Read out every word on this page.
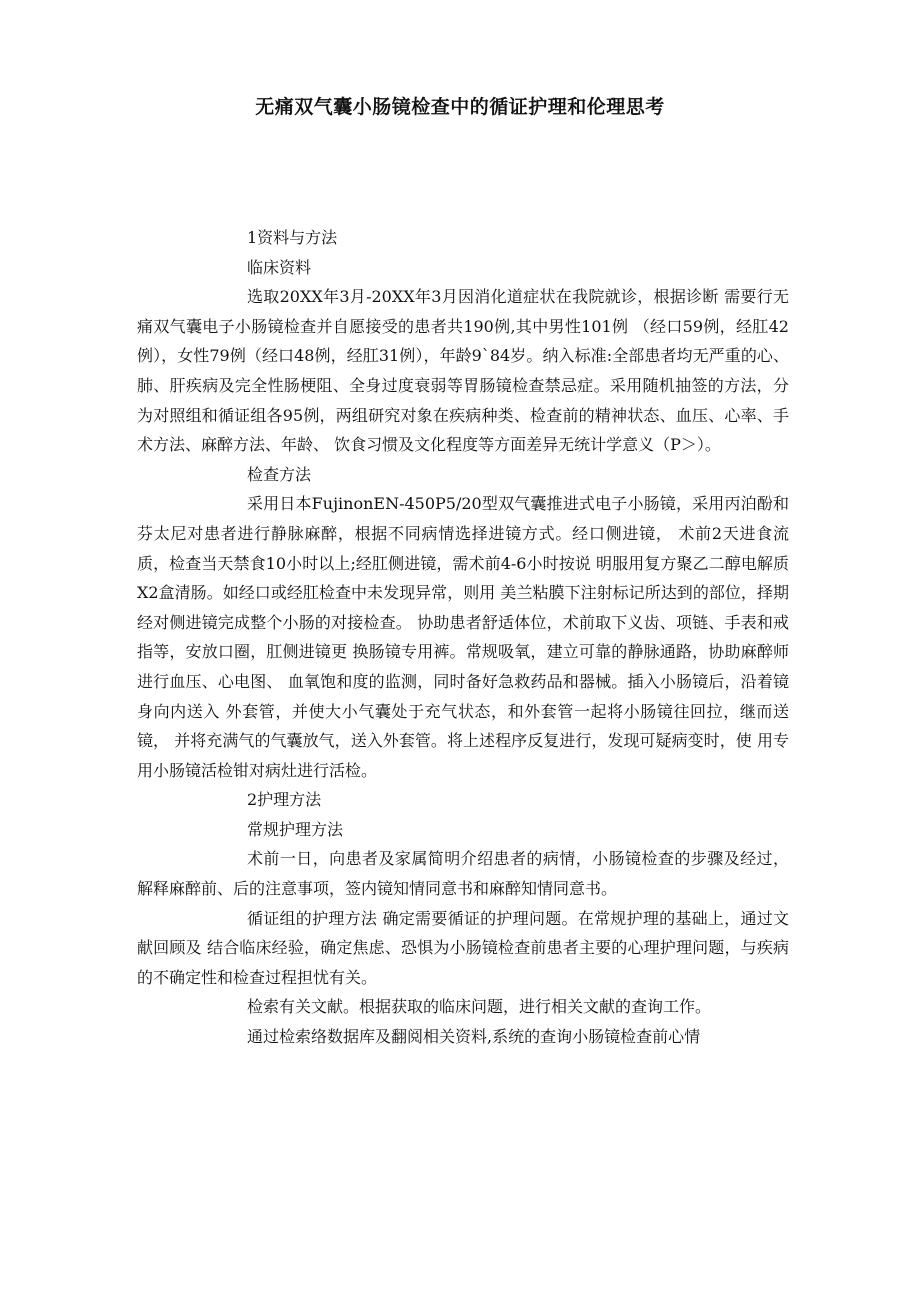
无痛双气囊小肠镜检查中的循证护理和伦理思考

1资料与方法

临床资料

选取20XX年3月-20XX年3月因消化道症状在我院就诊，根据诊断 需要行无痛双气囊电子小肠镜检查并自愿接受的患者共190例,其中男性101例 （经口59例，经肛42例），女性79例（经口48例，经肛31例），年龄9`84岁。纳入标准:全部患者均无严重的心、肺、肝疾病及完全性肠梗阻、全身过度衰弱等胃肠镜检查禁忌症。采用随机抽签的方法，分为对照组和循证组各95例，两组研究对象在疾病种类、检查前的精神状态、血压、心率、手术方法、麻醉方法、年龄、 饮食习惯及文化程度等方面差异无统计学意义（P＞）。

检查方法

采用日本FujinonEN-450P5/20型双气囊推进式电子小肠镜，采用丙泊酚和芬太尼对患者进行静脉麻醉，根据不同病情选择进镜方式。经口侧进镜， 术前2天进食流质，检查当天禁食10小时以上;经肛侧进镜，需术前4-6小时按说 明服用复方聚乙二醇电解质X2盒清肠。如经口或经肛检查中未发现异常，则用 美兰粘膜下注射标记所达到的部位，择期经对侧进镜完成整个小肠的对接检查。 协助患者舒适体位，术前取下义齿、项链、手表和戒指等，安放口圈，肛侧进镜更 换肠镜专用裤。常规吸氧，建立可靠的静脉通路，协助麻醉师进行血压、心电图、 血氧饱和度的监测，同时备好急救药品和器械。插入小肠镜后，沿着镜身向内送入 外套管，并使大小气囊处于充气状态，和外套管一起将小肠镜往回拉，继而送镜， 并将充满气的气囊放气，送入外套管。将上述程序反复进行，发现可疑病变时，使 用专用小肠镜活检钳对病灶进行活检。

2护理方法

常规护理方法

术前一日，向患者及家属简明介绍患者的病情，小肠镜检查的步骤及经过，解释麻醉前、后的注意事项，签内镜知情同意书和麻醉知情同意书。

循证组的护理方法 确定需要循证的护理问题。在常规护理的基础上，通过文献回顾及 结合临床经验，确定焦虑、恐惧为小肠镜检查前患者主要的心理护理问题，与疾病 的不确定性和检查过程担忧有关。

检索有关文献。根据获取的临床问题，进行相关文献的查询工作。

通过检索络数据库及翻阅相关资料,系统的查询小肠镜检查前心情
